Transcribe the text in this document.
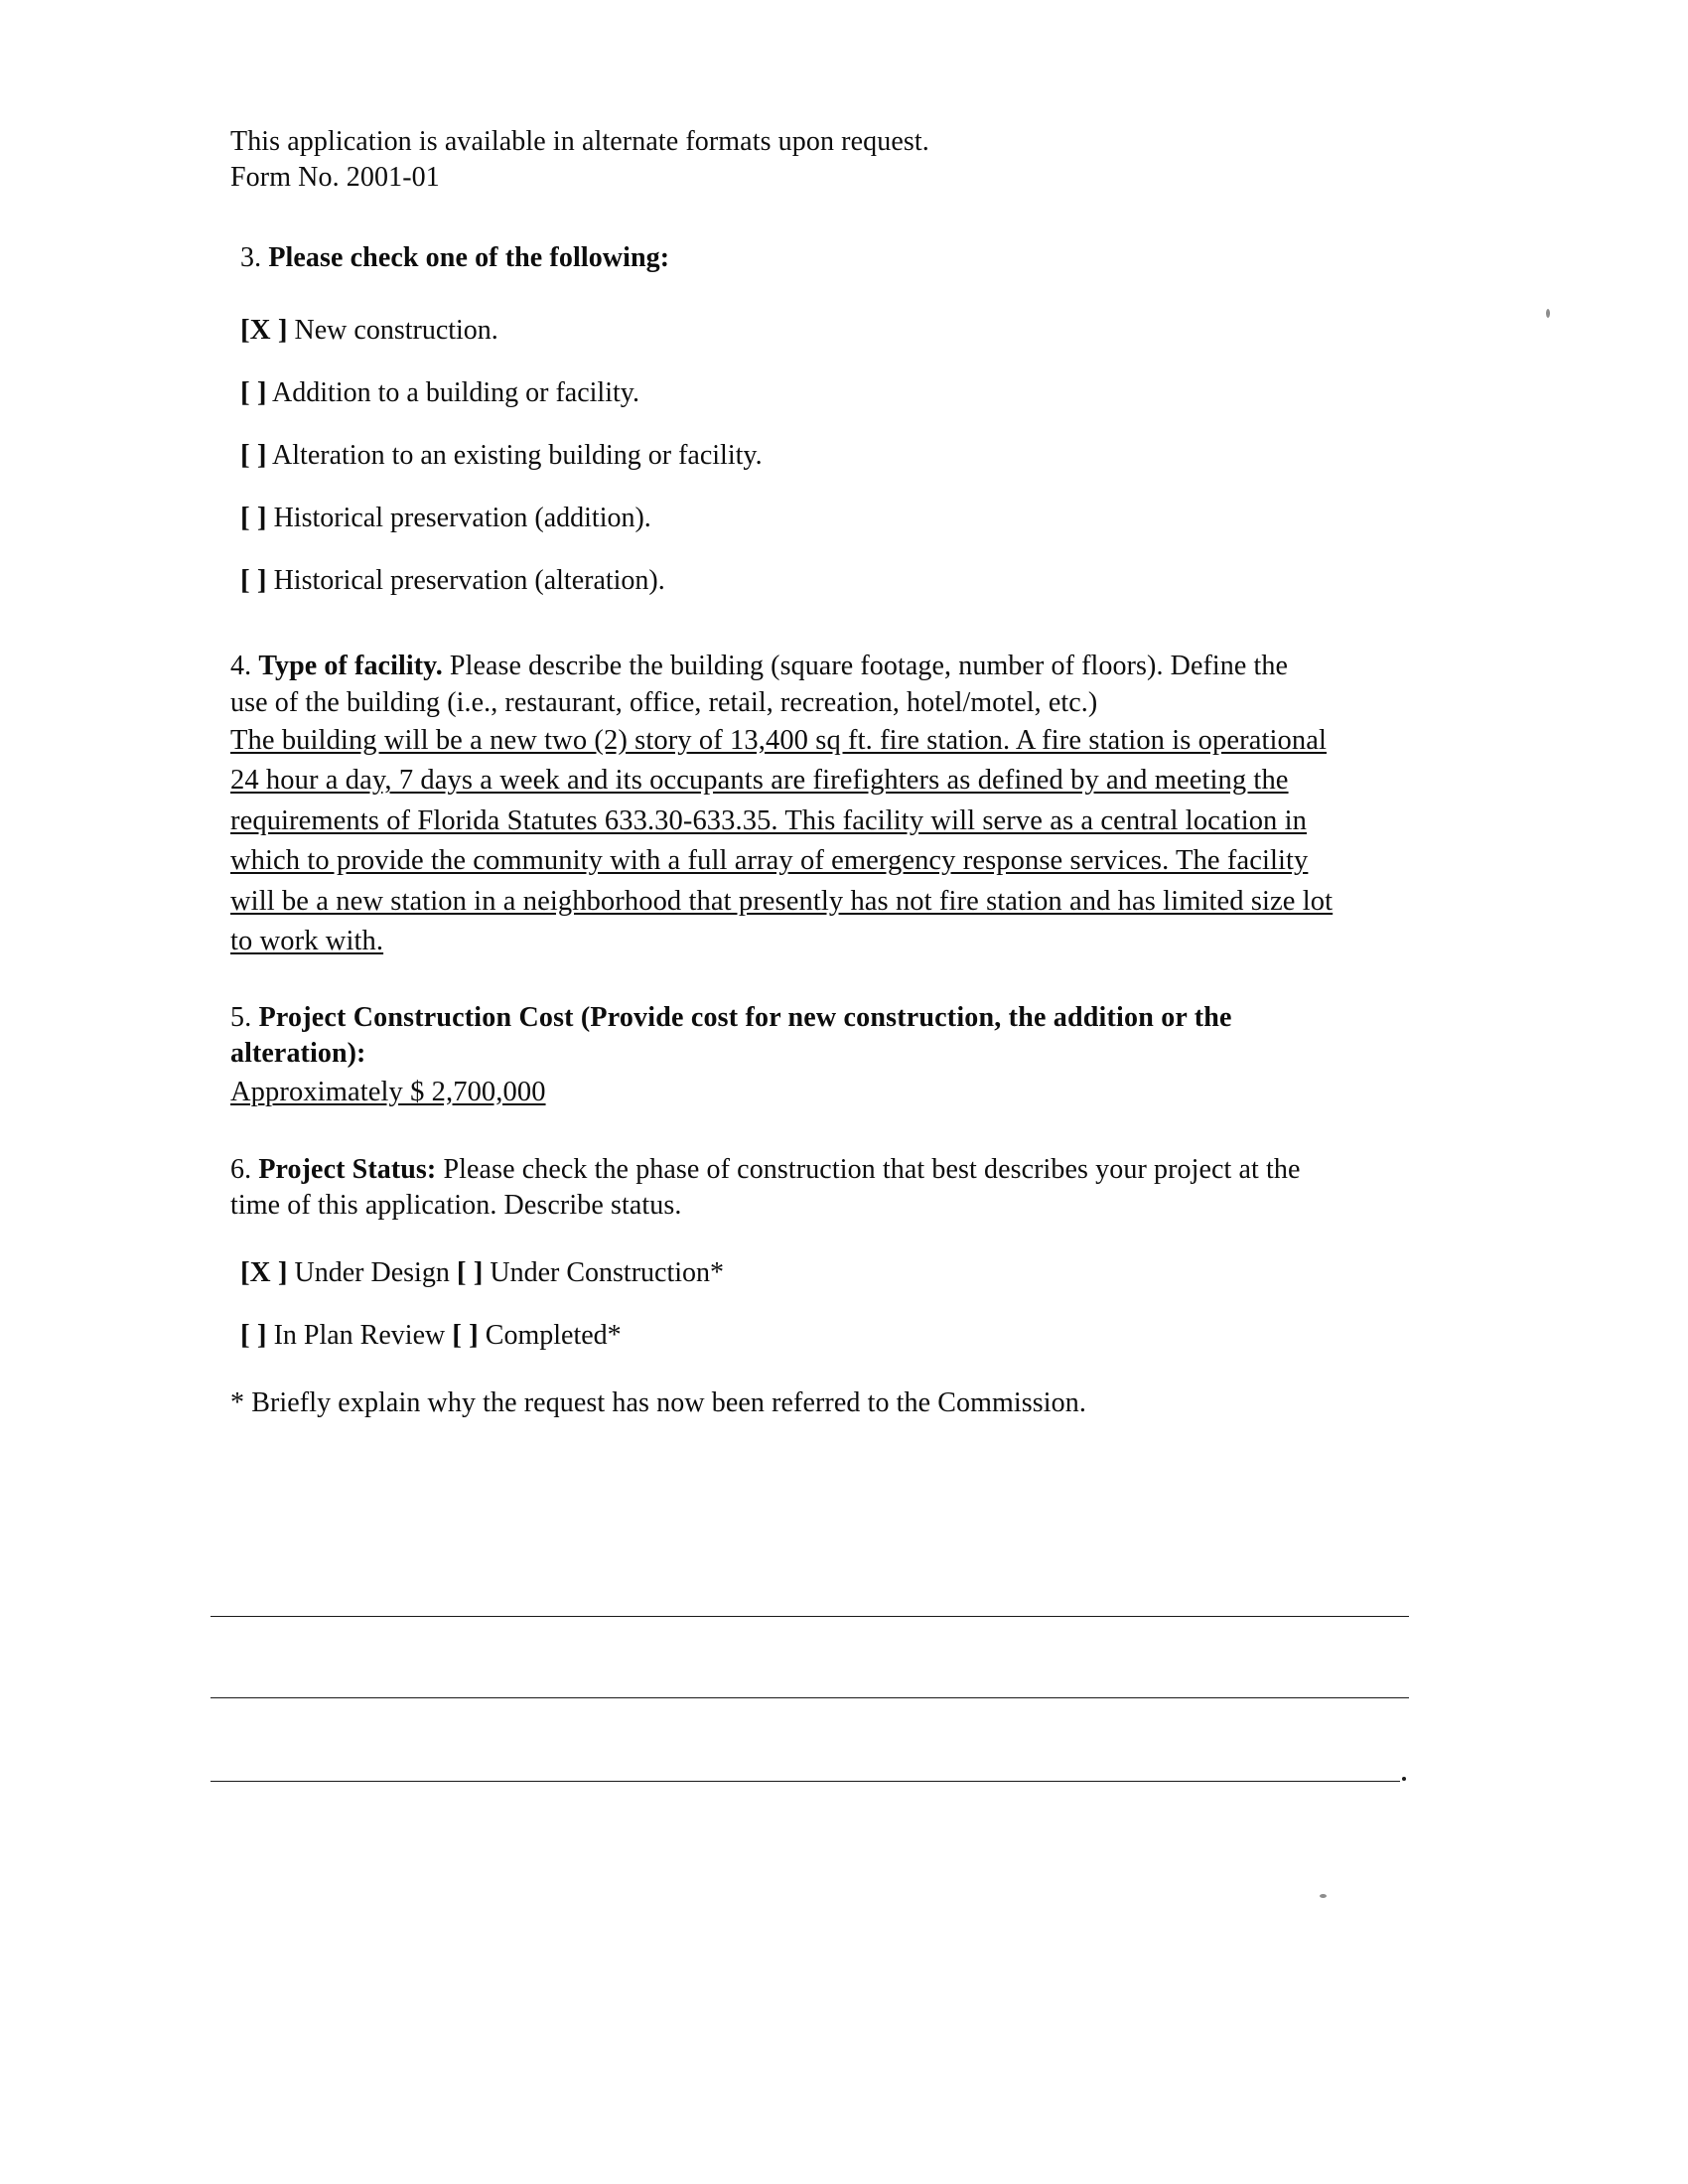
This application is available in alternate formats upon request.

Form No. 2001-01

3. Please check one of the following:
[X ] New construction.
[ ] Addition to a building or facility.
[ ] Alteration to an existing building or facility.
[ ] Historical preservation (addition).
[ ] Historical preservation (alteration).

4. Type of facility. Please describe the building (square footage, number of floors). Define the

use of the building (i.e., restaurant, office, retail, recreation, hotel/motel, etc.)

The building will be a new two (2) story of 13,400 sq ft. fire station. A fire station is operational

24 hour a day, 7 days a week and its occupants are firefighters as defined by and meeting the

requirements of Florida Statutes 633.30-633.35. This facility will serve as a central location in

which to provide the community with a full array of emergency response services. The facility

will be a new station in a neighborhood that presently has not fire station and has limited size lot

to work with.

5. Project Construction Cost (Provide cost for new construction, the addition or the

alteration):

Approximately $ 2,700,000

6. Project Status: Please check the phase of construction that best describes your project at the

time of this application. Describe status.

[X ] Under Design [ ] Under Construction*
[ ] In Plan Review [ ] Completed*

* Briefly explain why the request has now been referred to the Commission.
